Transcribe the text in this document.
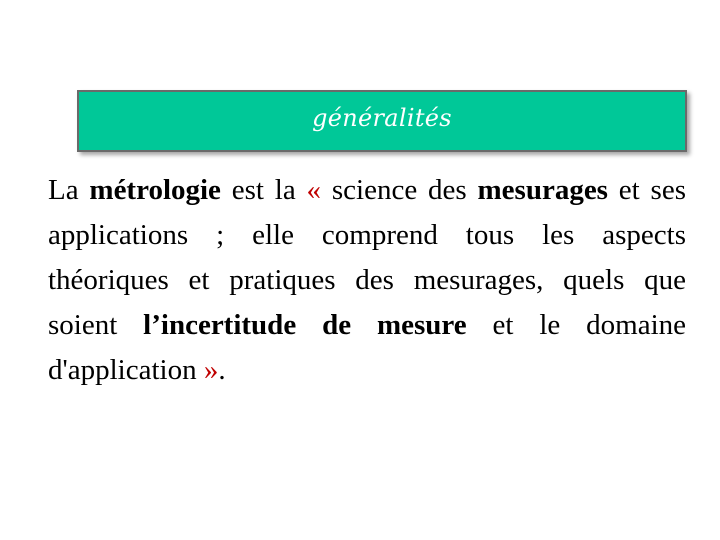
généralités
La métrologie est la « science des mesurages et ses applications ; elle comprend tous les aspects théoriques et pratiques des mesurages, quels que soient l’incertitude de mesure et le domaine d'application ».
